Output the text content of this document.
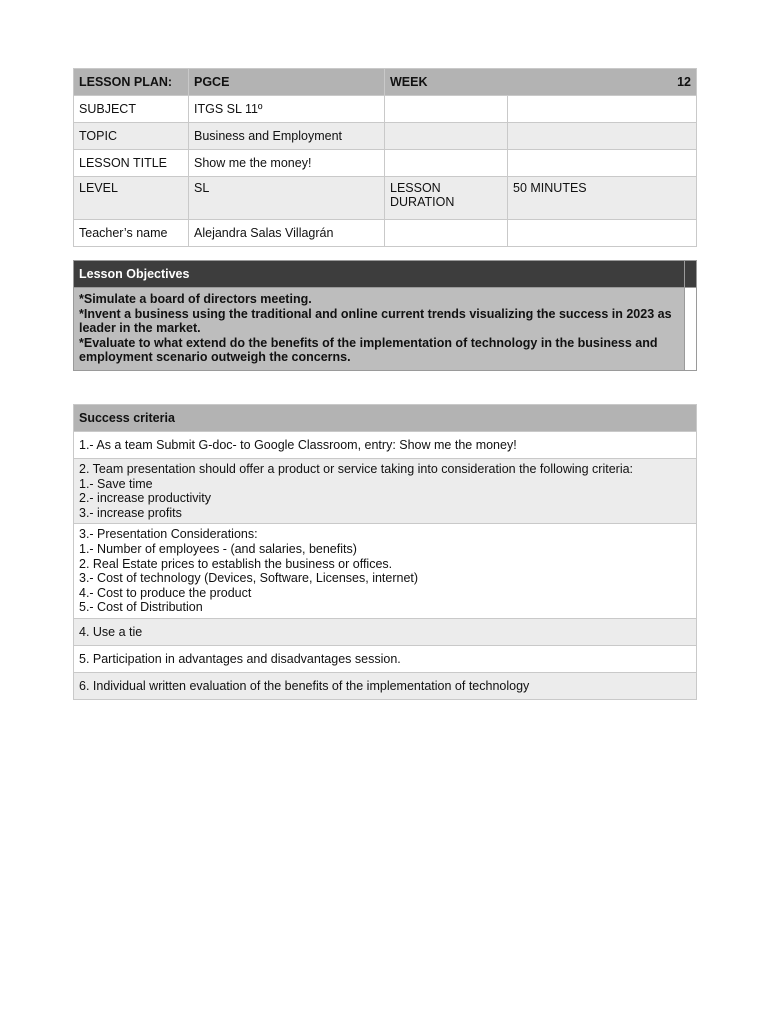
LESSON PLAN:	PGCE	WEEK 12	

SUBJECT	ITGS SL 11º		
TOPIC	Business and Employment		
LESSON TITLE	Show me the money!		
LEVEL	SL	LESSON DURATION	50 MINUTES
Teacher’s name	Alejandra Salas Villagrán		
Lesson Objectives	

*Simulate a board of directors meeting.
*Invent a business using the traditional and online current trends visualizing the success in 2023 as leader in the market.
*Evaluate to what extend do the benefits of the implementation of technology in the business and employment scenario outweigh the concerns.	

Success criteria
1.- As a team Submit G-doc- to Google Classroom, entry: Show me the money!

2. Team presentation should offer a product or service taking into consideration the following criteria:
1.- Save time
2.- increase productivity
3.- increase profits

3.- Presentation Considerations:
1.- Number of employees - (and salaries, benefits)
2. Real Estate prices to establish the business or offices.
3.- Cost of technology (Devices, Software, Licenses, internet)
4.- Cost to produce the product
5.- Cost of Distribution

4. Use a tie
5. Participation in advantages and disadvantages session.
6. Individual written evaluation of the benefits of the implementation of technology
